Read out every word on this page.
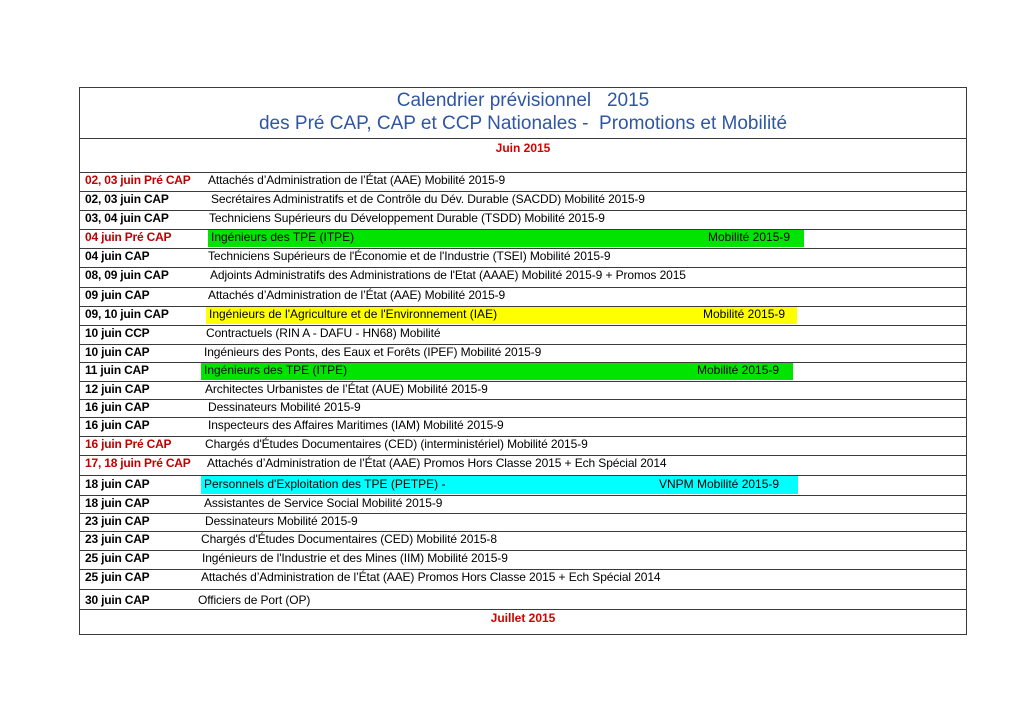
Calendrier prévisionnel   2015
des Pré CAP, CAP et CCP Nationales -  Promotions et Mobilité
Juin 2015
02, 03 juin Pré CAP Attachés d’Administration de l’État (AAE) Mobilité 2015-9
02, 03 juin CAP	Secrétaires Administratifs et de Contrôle du Dév. Durable (SACDD) Mobilité 2015-9
03, 04 juin CAP	Techniciens Supérieurs du Développement Durable (TSDD) Mobilité 2015-9
04 juin Pré CAP	Ingénieurs des TPE (ITPE)	Mobilité 2015-9
04 juin CAP	Techniciens Supérieurs de l'Économie et de l'Industrie (TSEI) Mobilité 2015-9
08, 09 juin CAP	Adjoints Administratifs des Administrations de l'Etat (AAAE) Mobilité 2015-9 + Promos 2015
09 juin CAP	Attachés d’Administration de l’État (AAE) Mobilité 2015-9
09, 10 juin CAP	Ingénieurs de l'Agriculture et de l'Environnement (IAE)	Mobilité 2015-9
10 juin CCP	Contractuels (RIN A - DAFU - HN68) Mobilité
10 juin CAP	Ingénieurs des Ponts, des Eaux et Forêts (IPEF) Mobilité 2015-9
11 juin CAP	Ingénieurs des TPE (ITPE)	Mobilité 2015-9
12 juin CAP	Architectes Urbanistes de l’État (AUE) Mobilité 2015-9
16 juin CAP	Dessinateurs Mobilité 2015-9
16 juin CAP	Inspecteurs des Affaires Maritimes (IAM) Mobilité 2015-9
16 juin Pré CAP	Chargés d'Études Documentaires (CED) (interministériel) Mobilité 2015-9
17, 18 juin Pré CAP Attachés d’Administration de l’État (AAE) Promos Hors Classe 2015 + Ech Spécial 2014
18 juin CAP	Personnels d'Exploitation des TPE (PETPE) -	VNPM Mobilité 2015-9
18 juin CAP	Assistantes de Service Social Mobilité 2015-9
23 juin CAP	Dessinateurs Mobilité 2015-9
23 juin CAP	Chargés d'Études Documentaires (CED) Mobilité 2015-8
25 juin CAP	Ingénieurs de l'Industrie et des Mines (IIM) Mobilité 2015-9
25 juin CAP	Attachés d’Administration de l’État (AAE) Promos Hors Classe 2015 + Ech Spécial 2014
30 juin CAP	Officiers de Port (OP)
Juillet 2015
